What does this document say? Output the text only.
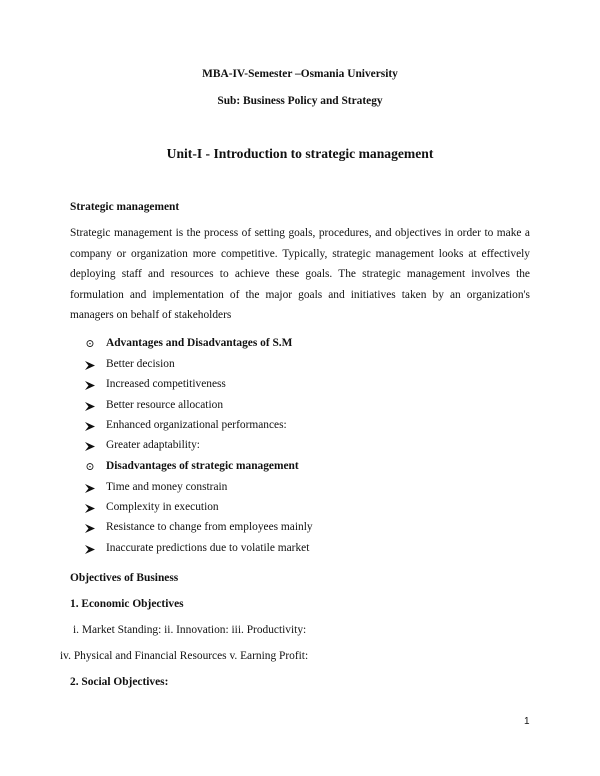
MBA-IV-Semester –Osmania University
Sub: Business Policy and Strategy
Unit-I - Introduction to strategic management
Strategic management

Strategic management is the process of setting goals, procedures, and objectives in order to make a company or organization more competitive. Typically, strategic management looks at effectively deploying staff and resources to achieve these goals. The strategic management involves the formulation and implementation of the major goals and initiatives taken by an organization's managers on behalf of stakeholders

⊙ Advantages and Disadvantages of S.M
Better decision
Increased competitiveness
Better resource allocation
Enhanced organizational performances:
Greater adaptability:
⊙ Disadvantages of strategic management
Time and money constrain
Complexity in execution
Resistance to change from employees mainly
Inaccurate predictions due to volatile market
Objectives of Business
1. Economic Objectives
i. Market Standing: ii. Innovation: iii. Productivity:
iv. Physical and Financial Resources v. Earning Profit:
2. Social Objectives:
1
